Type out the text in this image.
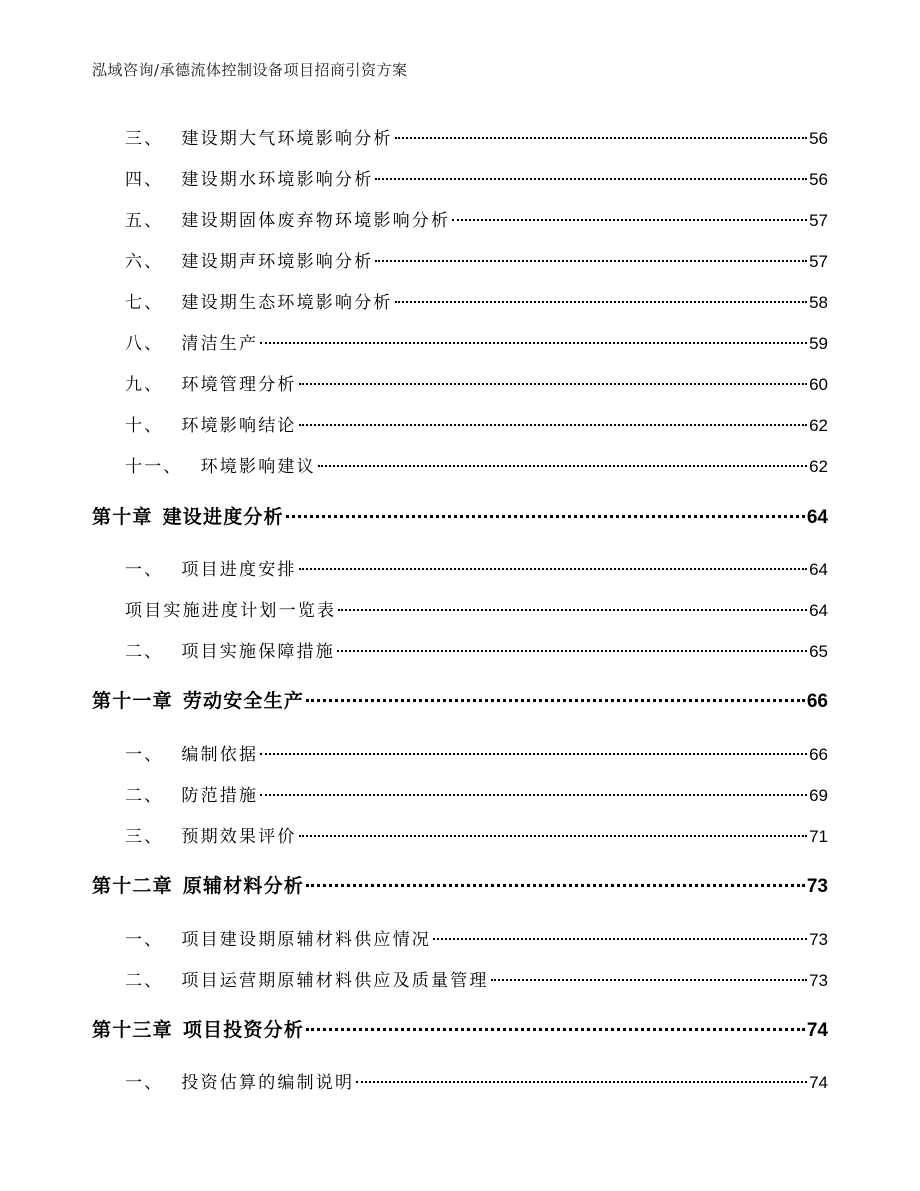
泓域咨询/承德流体控制设备项目招商引资方案
三、 建设期大气环境影响分析	56
四、 建设期水环境影响分析	56
五、 建设期固体废弃物环境影响分析	57
六、 建设期声环境影响分析	57
七、 建设期生态环境影响分析	58
八、 清洁生产	59
九、 环境管理分析	60
十、 环境影响结论	62
十一、 环境影响建议	62
第十章 建设进度分析	64
一、 项目进度安排	64
项目实施进度计划一览表	64
二、 项目实施保障措施	65
第十一章 劳动安全生产	66
一、 编制依据	66
二、 防范措施	69
三、 预期效果评价	71
第十二章 原辅材料分析	73
一、 项目建设期原辅材料供应情况	73
二、 项目运营期原辅材料供应及质量管理	73
第十三章 项目投资分析	74
一、 投资估算的编制说明	74
